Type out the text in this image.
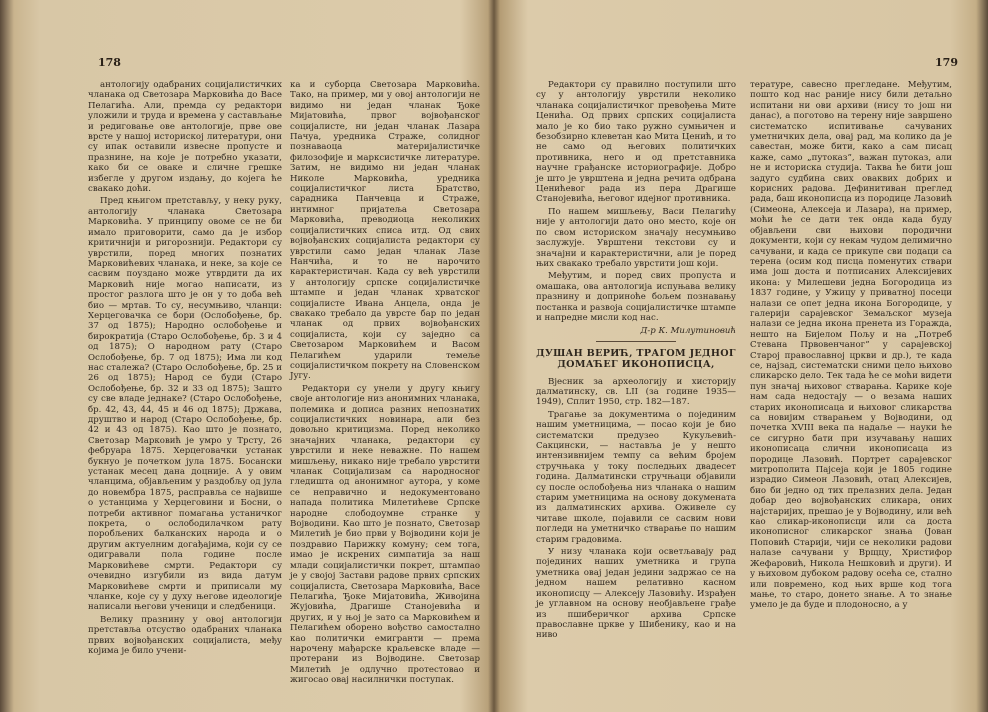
178

антологију одабраних социјалистичких чланака од Светозара Марковића до Васе Пелагића. Али, премда су редактори уложили и труда и времена у састављање и редиговање ове антологије, прве ове врсте у нашој историској литератури, они су ипак оставили извесне пропусте и празнине, на које је потребно указати, како би се оваке и сличне грешке избегле у другом издању, до којега ће свакако доћи.

Пред књигом претстављу, у неку руку, антологију чланака Светозара Марковића. У принципу овоме се не би имало приговорити, само да је избор критичнији и ригорознији. Редактори су уврстили, поред многих познатих Марковићевих чланака, и неке, за које се сасвим поуздано може утврдити да их Марковић није могао написати, из простог разлога што је он у то доба већ био — мртав. То су, несумњиво, чланци: Херцеговачка се бори (Ослобођење, бр. 37 од 1875); Народно ослобођење и бирократија (Старо Ослобођење, бр. 3 и 4 од 1875); О народном рату (Старо Ослобођење, бр. 7 од 1875); Има ли код нас сталежа? (Старо Ослобођење, бр. 25 и 26 од 1875); Народ се буди (Старо Ослобођење, бр. 32 и 33 од 1875); Зашто су све владе једнаке? (Старо Ослобођење, бр. 42, 43, 44, 45 и 46 од 1875); Држава, друштво и народ (Старо Ослобођење, бр. 42 и 43 од 1875). Као што је познато, Светозар Марковић је умро у Трсту, 26 фебруара 1875. Херцеговачки устанак букнуо је почетком јула 1875. Босански устанак месец дана доцније. А у овим чланцима, објављеним у раздобљу од јула до новембра 1875, расправља се највише о устанцима у Херцеговини и Босни, о потреби активног помагања устаничког покрета, о ослободилачком рату поробљених балканских народа и о другим актуелним догађајима, који су се одигравали пола године после Марковићеве смрти. Редактори су очевидно изгубили из вида датум Марковићеве смрти и приписали му чланке, које су у духу његове идеологије написали његови ученици и следбеници.

Велику празнину у овој антологији претставља отсуство одабраних чланака првих војвођанских социјалиста, међу којима је било учени-

ка и суборца Светозара Марковића. Тако, на пример, ми у овој антологији не видимо ни један чланак Ђоке Мијатовића, првог војвођанског социјалисте, ни један чланак Лазара Пачуа, уредника Страже, солидног познаваоца материјалистичке филозофије и марксистичке литературе. Затим, не видимо ни један чланак Николе Марковића, уредника социјалистичког листа Братство, сарадника Панчевца и Страже, интимног пријатеља Светозара Марковића, преводиоца неколиких социјалистичких списа итд. Од свих војвођанских социјалиста редактори су уврстили само један чланак Лазе Нанчића, и то не нарочито карактеристичан. Када су већ уврстили у антологију српске социјалистичке штампе и један чланак хрватског социјалисте Ивана Анцела, онда је свакако требало да уврсте бар по један чланак од првих војвођанских социјалиста, који су заједно са Светозаром Марковићем и Васом Пелагићем ударили темеље социјалистичком покрету на Словенском Југу.

Редактори су унели у другу књигу своје антологије низ анонимних чланака, полемика и дописа разних непознатих социјалистичких новинара, али без довољно критицизма. Поред неколико значајних чланака, редактори су уврстили и неке неважне. По нашем мишљењу, никако није требало уврстити чланак Социјализам са народносног гледишта од анонимног аутора, у коме се неправично и недокументовано напада политика Милетићеве Српске народне слободоумне странке у Војводини. Као што је познато, Светозар Милетић је био први у Војводини који је поздравио Парижку комуну; сем тога, имао је искрених симпатија за наш млади социјалистички покрет, штампао је у својој Застави радове првих српских социјалиста, Светозара Марковића, Васе Пелагића, Ђоке Мијатовића, Живојина Жујовића, Драгише Станојевића и других, и у њој је зато са Марковићем и Пелагићем оборено вођство самостално као политички емигранти — према нарочену мађарске краљевске владе — протерани из Војводине. Светозар Милетић је одлучно протестовао и жигосао овај насилнички поступак.

179

Редактори су правилно поступили што су у антологију уврстили неколико чланака социјалистичког превођења Мите Ценића. Од првих српских социјалиста мало је ко био тако ружно сумњичен и безобзирно клеветан као Мита Ценић, и то не само од његових политичких противника, него и од претставника научне грађанске историографије. Добро је што је уврштена и једна речита одбрана Ценићевог рада из пера Драгише Станојевића, његовог идејног противника.

По нашем мишљењу, Васи Пелагићу није у антологији дато оно место, које он по свом историском значају несумњиво заслужује. Уврштени текстови су и значајни и карактеристични, али је поред њих свакако требало уврстити још који.

Међутим, и поред свих пропуста и омашака, ова антологија испуњава велику празнину и доприноће бољем познавању постанка и развоја социјалистичке штампе и напредне мисли код нас.

Д-р К. Милутиновић
ДУШАН ВЕРИЋ, ТРАГОМ ЈЕДНОГ ДОМАЋЕГ ИКОНОПИСЦА,

Вјесник за археологију и хисторију далматинску, св. LII (за године 1935—1949), Сплит 1950, стр. 182—187.

Трагање за документима о појединим нашим уметницима, — посао који је био систематски предузео Кукуљевић-Сакцински, — наставља је у нешто интензивнијем темпу са већим бројем стручњака у току последњих двадесет година. Далматински стручњаци објавили су после ослобођења низ чланака о нашим старим уметницима на основу докумената из далматинских архива. Оживеле су читаве школе, појавили се сасвим нови погледи на уметничко стварање по нашим старим градовима.

У низу чланака који осветљавају рад појединих наших уметника и група уметника овај један једини задржао се на једном нашем релативно касном иконописцу — Алексеју Лазовићу. Израђен је углавном на основу необјављене грађе из пшиберичког архива Српске православне цркве у Шибенику, као и на ниво

тературе, савесно прегледане. Међутим, пошто код нас раније нису били детаљно испитани ни ови архиви (нису то још ни данас), а поготово на терену није завршено систематско испитивање сачуваних уметничких дела, овај рад, ма колико да је савестан, може бити, како а сам писац каже, само „путоказ”, важан путоказ, али не и историска студија. Таква ће бити још задуго судбина свих оваквих добрих и корисних радова. Дефинитиван преглед рада, баш иконописца из породице Лазовић (Симеона, Алексеја и Лазара), на пример, моћи ће се дати тек онда када буду објављени сви њихови породични документи, који су некам чудом делимично сачувани, и када се прикупе сви подаци са терена (осим код писца поменутих ствари има још доста и потписаних Алексијевих икона: у Милешеви једна Богородица из 1837 године, у Ужицу у приватној посеци налази се опет једна икона Богородице, у галерији сарајевског Земаљског музеја налази се једна икона пренета из Горажда, нешто на Бијелом Пољу и на „Потреб Стевана Првовенчаног” у сарајевској Старој православној цркви и др.), те када се, најзад, систематски сними цело њихово сликарско дело. Тек тада ће се моћи видети пун значај њиховог стварања. Карике које нам сада недостају — о везама наших старих иконописаца и њиховог сликарства са новијим стварањем у Војводини, од почетка XVIII века па надаље — науки ће се сигурно бати при изучавању наших иконописаца слични иконописаца из породице Лазовић. Портрет сарајевског митрополита Пајсеја који је 1805 године израдио Симеон Лазовић, отац Алексијев, био би једно од тих прелазних дела. Један добар део војвођанских сликара, оних најстаријих, прешао је у Војводину, или већ као сликар-иконописци или са доста иконописног сликарског знања (Јован Поповић Старији, чији се неколики радови налазе сачувани у Врщцу, Христифор Жефаровић, Никола Нешковић и други). И у њиховом дубоком радову осећа се, стално или повремено, код њих врше код тога мање, то старо, донето знање. А то знање умело је да буде и плодоносно, а у
